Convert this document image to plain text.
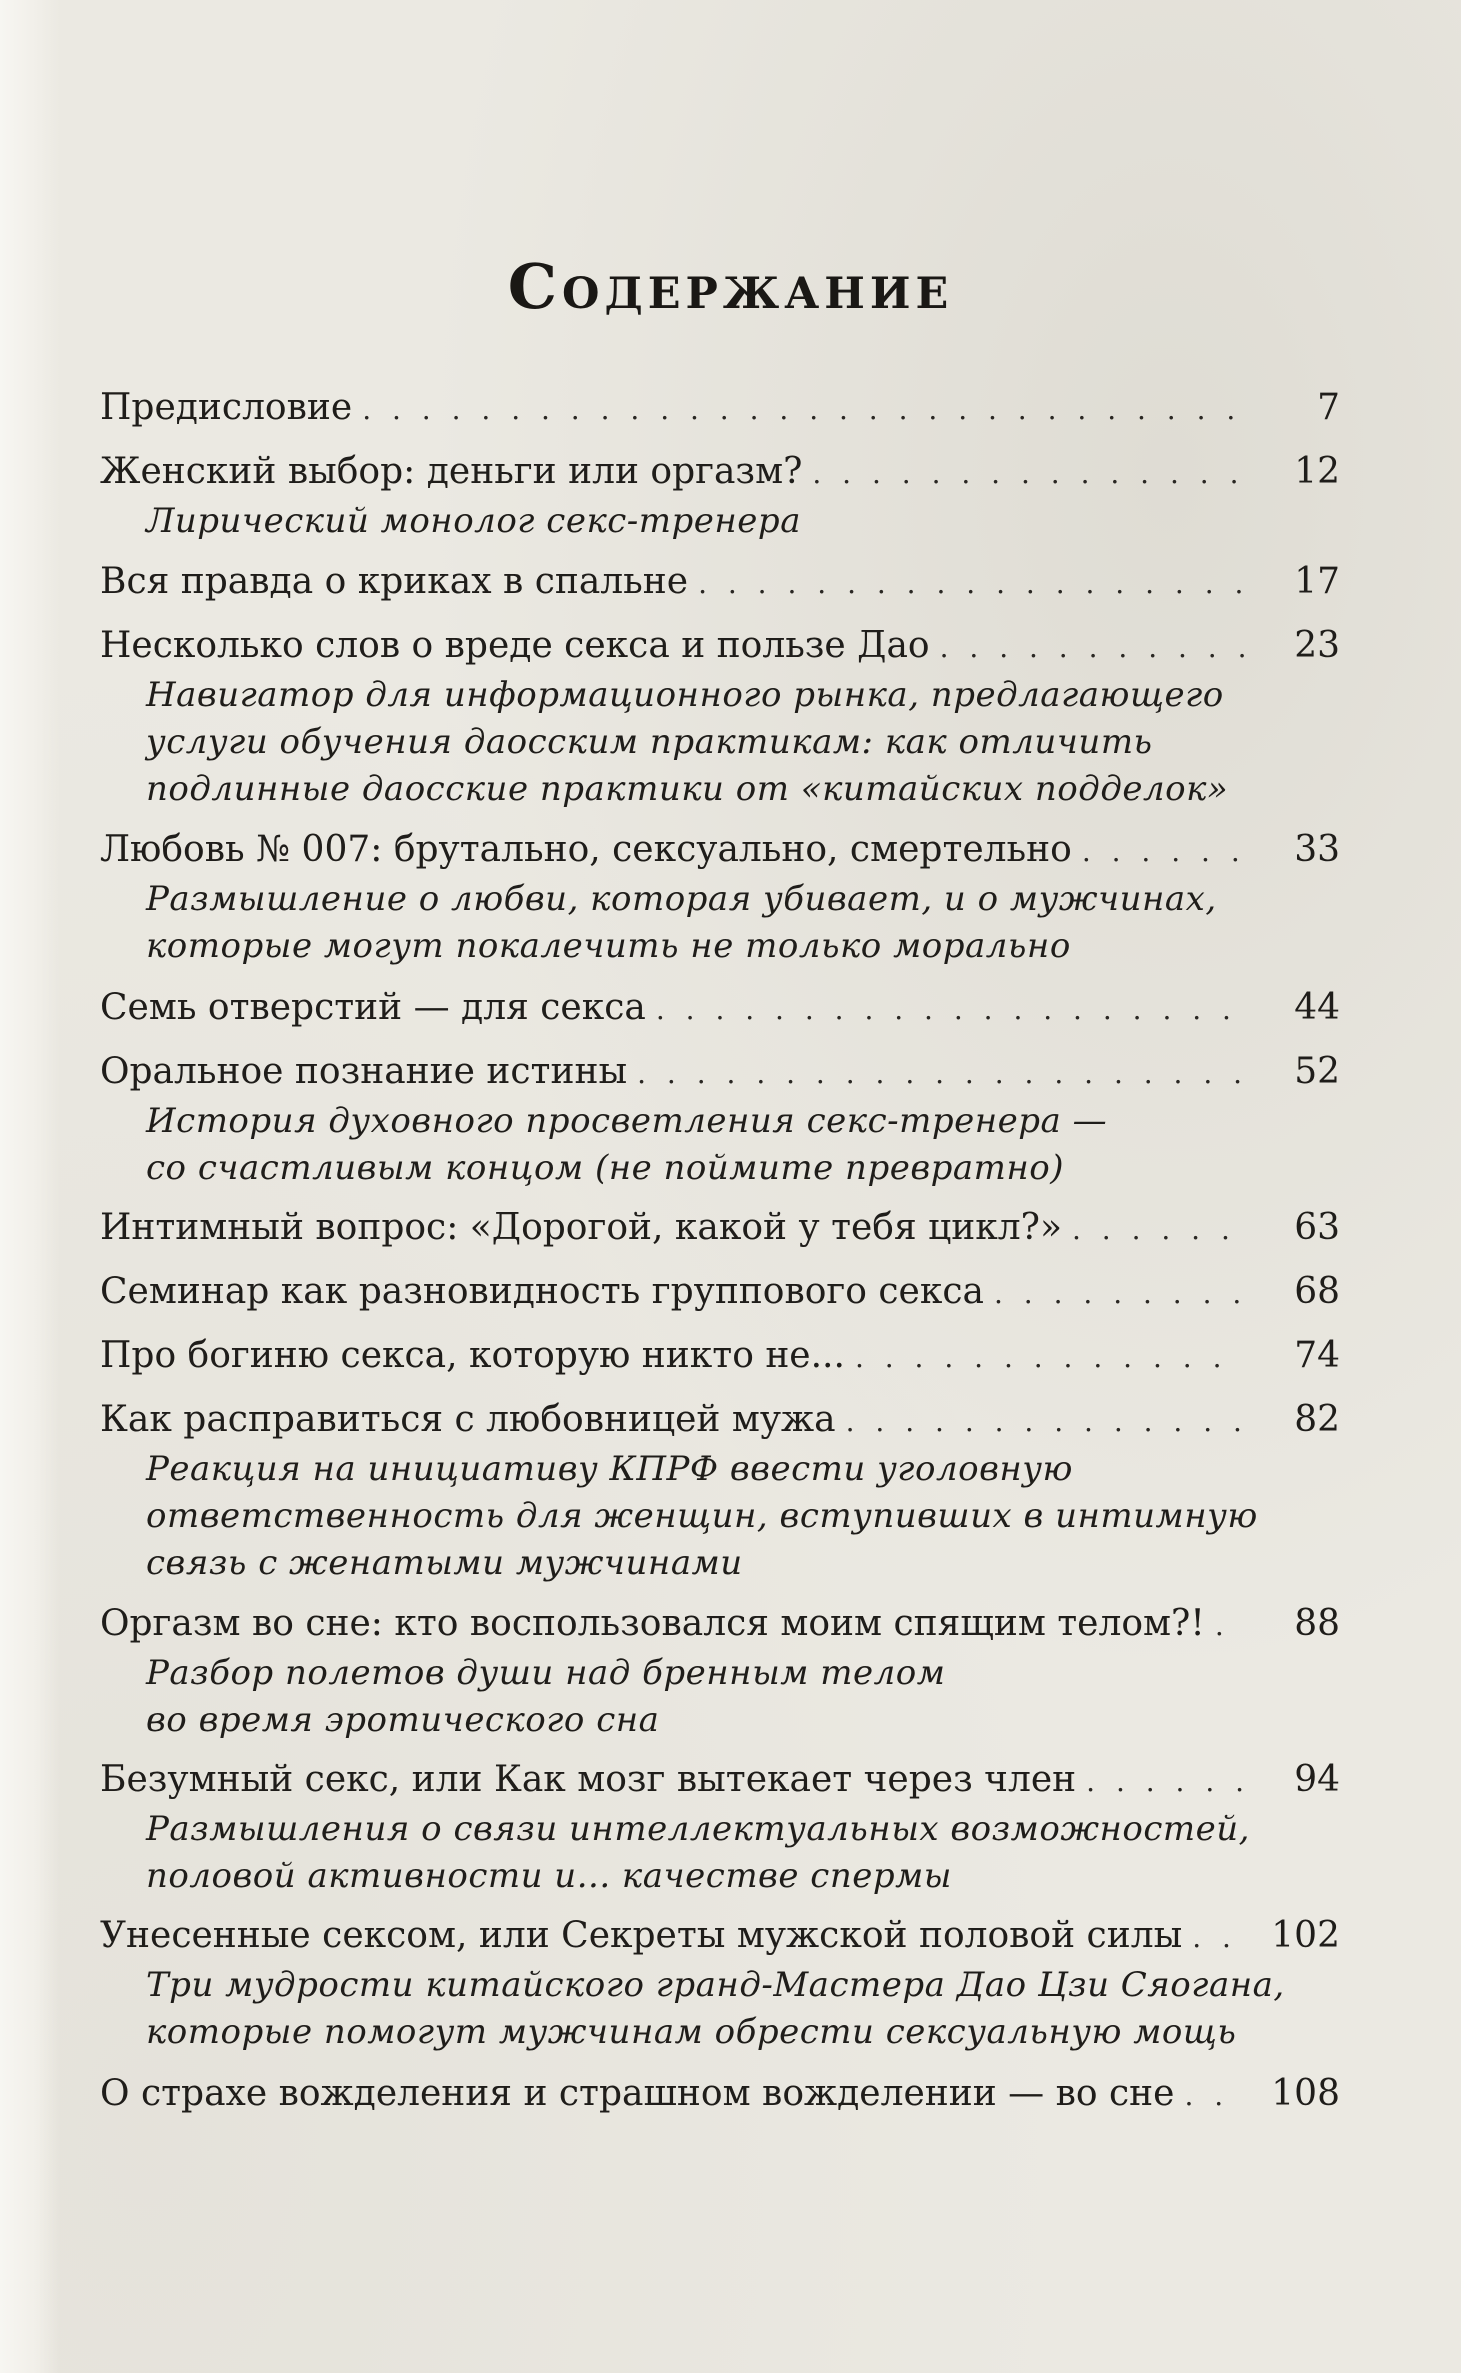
Содержание
Предисловие . . .	7
Женский выбор: деньги или оргазм? . . .	12
Лирический монолог секс-тренера
Вся правда о криках в спальне . . .	17
Несколько слов о вреде секса и пользе Дао . . .	23
Навигатор для информационного рынка, предлагающего
услуги обучения даосским практикам: как отличить
подлинные даосские практики от «китайских подделок»
Любовь № 007: брутально, сексуально, смертельно . . .	33
Размышление о любви, которая убивает, и о мужчинах,
которые могут покалечить не только морально
Семь отверстий — для секса . . .	44
Оральное познание истины . . .	52
История духовного просветления секс-тренера —
со счастливым концом (не поймите превратно)
Интимный вопрос: «Дорогой, какой у тебя цикл?» . . .	63
Семинар как разновидность группового секса . . .	68
Про богиню секса, которую никто не... . . .	74
Как расправиться с любовницей мужа . . .	82
Реакция на инициативу КПРФ ввести уголовную
ответственность для женщин, вступивших в интимную
связь с женатыми мужчинами
Оргазм во сне: кто воспользовался моим спящим телом?! . . .	88
Разбор полетов души над бренным телом
во время эротического сна
Безумный секс, или Как мозг вытекает через член . . .	94
Размышления о связи интеллектуальных возможностей,
половой активности и... качестве спермы
Унесенные сексом, или Секреты мужской половой силы . . .	102
Три мудрости китайского гранд-Мастера Дао Цзи Сяогана,
которые помогут мужчинам обрести сексуальную мощь
О страхе вожделения и страшном вожделении — во сне . . .	108
